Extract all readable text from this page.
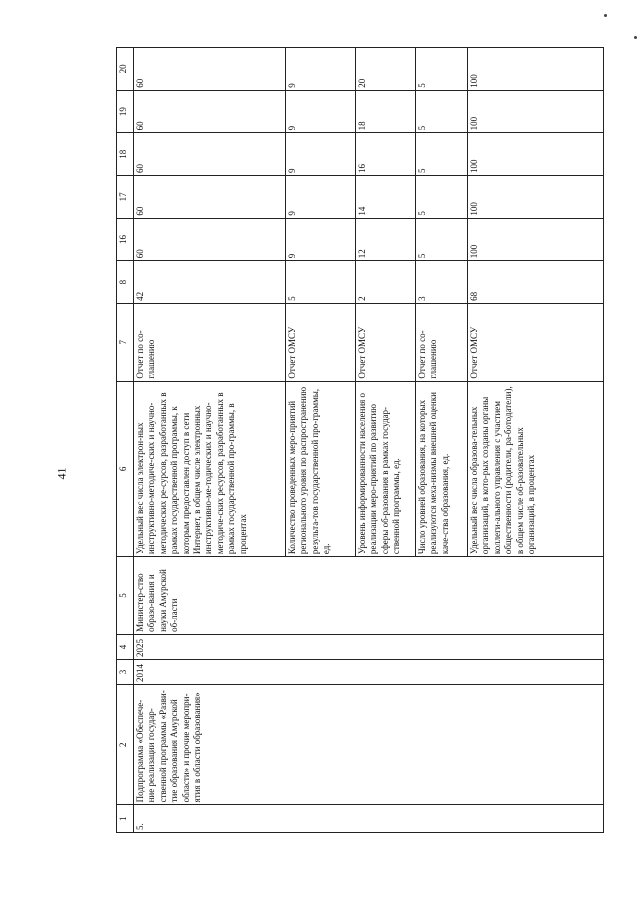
41
1	2	3	4	5	6	7	8	16	17	18	19	20
5.	Подпрограмма «Обеспече-ние реализации государ-ственной программы «Разви-тие образования Амурской области» и прочие меропри-ятия в области образования»	2014	2025	Министер-ство образо-вания и науки Амурской об-ласти	Удельный вес числа электрон-ных инструктивно-методиче-ских и научно-методических ре-сурсов, разработанных в рамках государственной программы, к которым предоставлен доступ в сети Интернет, в общем числе электронных инструктивно-ме-тодических и научно-методиче-ских ресурсов, разработанных в рамках государственной про-граммы, в процентах	Отчет по со-глашению	42	60	60	60	60	60
					Количество проведенных меро-приятий регионального уровня по распространению результа-тов государственной про-граммы, ед.	Отчет ОМСУ	5	9	9	9	9	9
					Уровень информированности населения о реализации меро-приятий по развитию сферы об-разования в рамках государ-ственной программы, ед.	Отчет ОМСУ	2	12	14	16	18	20
					Число уровней образования, на которых реализуются меха-низмы внешней оценки каче-ства образования, ед.	Отчет по со-глашению	3	5	5	5	5	5
					Удельный вес числа образова-тельных организаций, в кото-рых созданы органы коллеги-ального управления с участием общественности (родители, ра-ботодатели), в общем числе об-разовательных организаций, в процентах	Отчет ОМСУ	68	100	100	100	100	100
